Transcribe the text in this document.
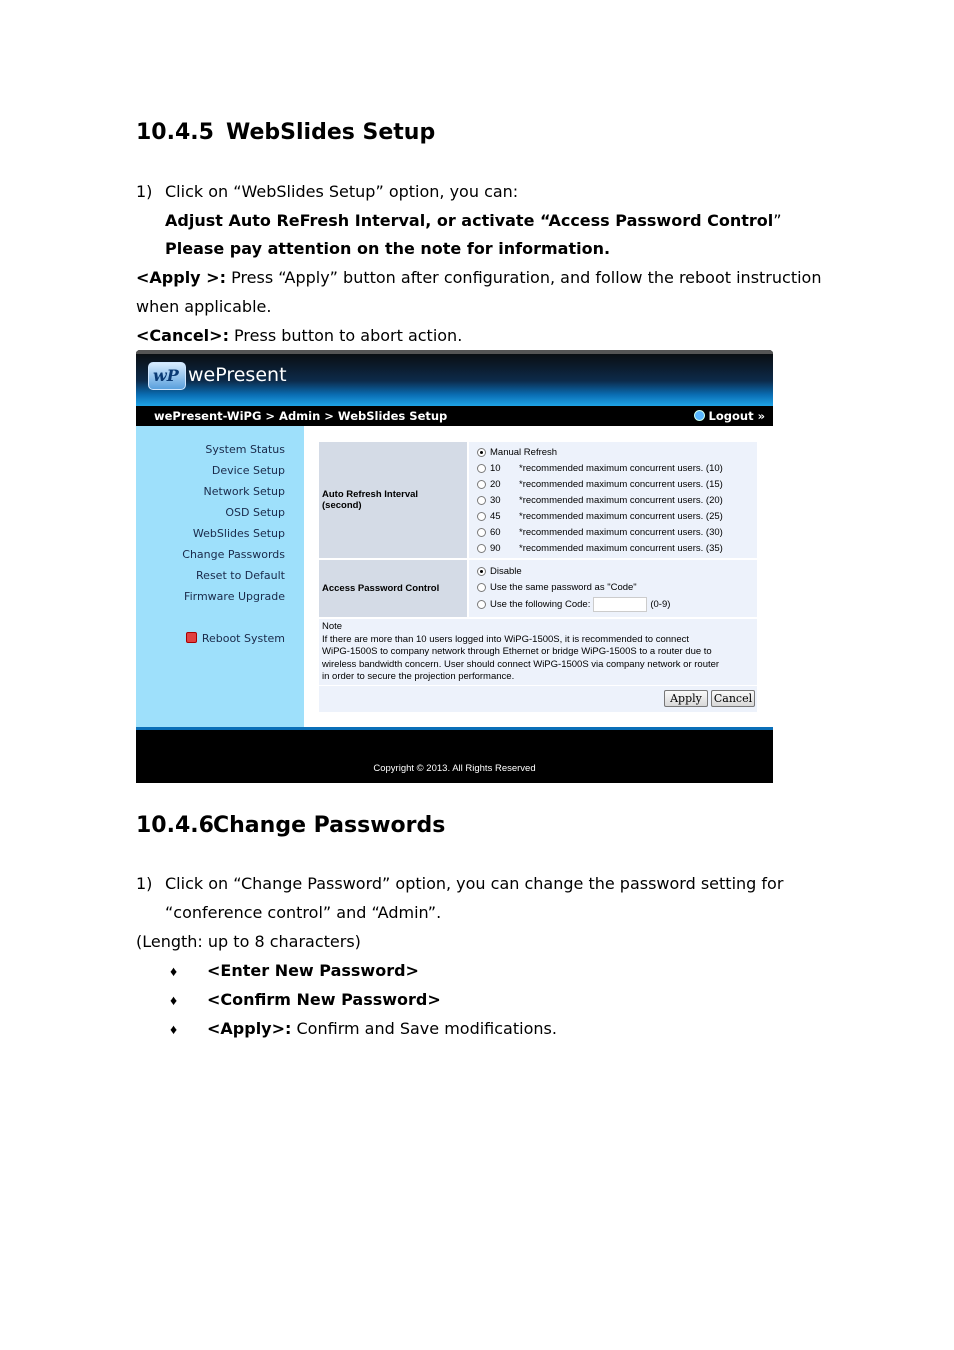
10.4.5 WebSlides Setup
1) Click on “WebSlides Setup” option, you can:
Adjust Auto ReFresh Interval, or activate “Access Password Control”
Please pay attention on the note for information.
<Apply >: Press “Apply” button after configuration, and follow the reboot instruction
when applicable.
<Cancel>: Press button to abort action.
wP wePresent
wePresent-WiPG > Admin > WebSlides Setup	Logout »
System Status
Device Setup
Network Setup
OSD Setup
WebSlides Setup
Change Passwords
Reset to Default
Firmware Upgrade
Reboot System
Auto Refresh Interval
(second)
Manual Refresh
10	*recommended maximum concurrent users. (10)
20	*recommended maximum concurrent users. (15)
30	*recommended maximum concurrent users. (20)
45	*recommended maximum concurrent users. (25)
60	*recommended maximum concurrent users. (30)
90	*recommended maximum concurrent users. (35)
Access Password Control
Disable
Use the same password as "Code"
Use the following Code:	(0-9)
Note
If there are more than 10 users logged into WiPG-1500S, it is recommended to connect
WiPG-1500S to company network through Ethernet or bridge WiPG-1500S to a router due to
wireless bandwidth concern. User should connect WiPG-1500S via company network or router
in order to secure the projection performance.
Apply	Cancel
Copyright © 2013. All Rights Reserved
10.4.6Change Passwords
1) Click on “Change Password” option, you can change the password setting for
“conference control” and “Admin”.
(Length: up to 8 characters)
♦ <Enter New Password>
♦ <Confirm New Password>
♦ <Apply>: Confirm and Save modifications.
